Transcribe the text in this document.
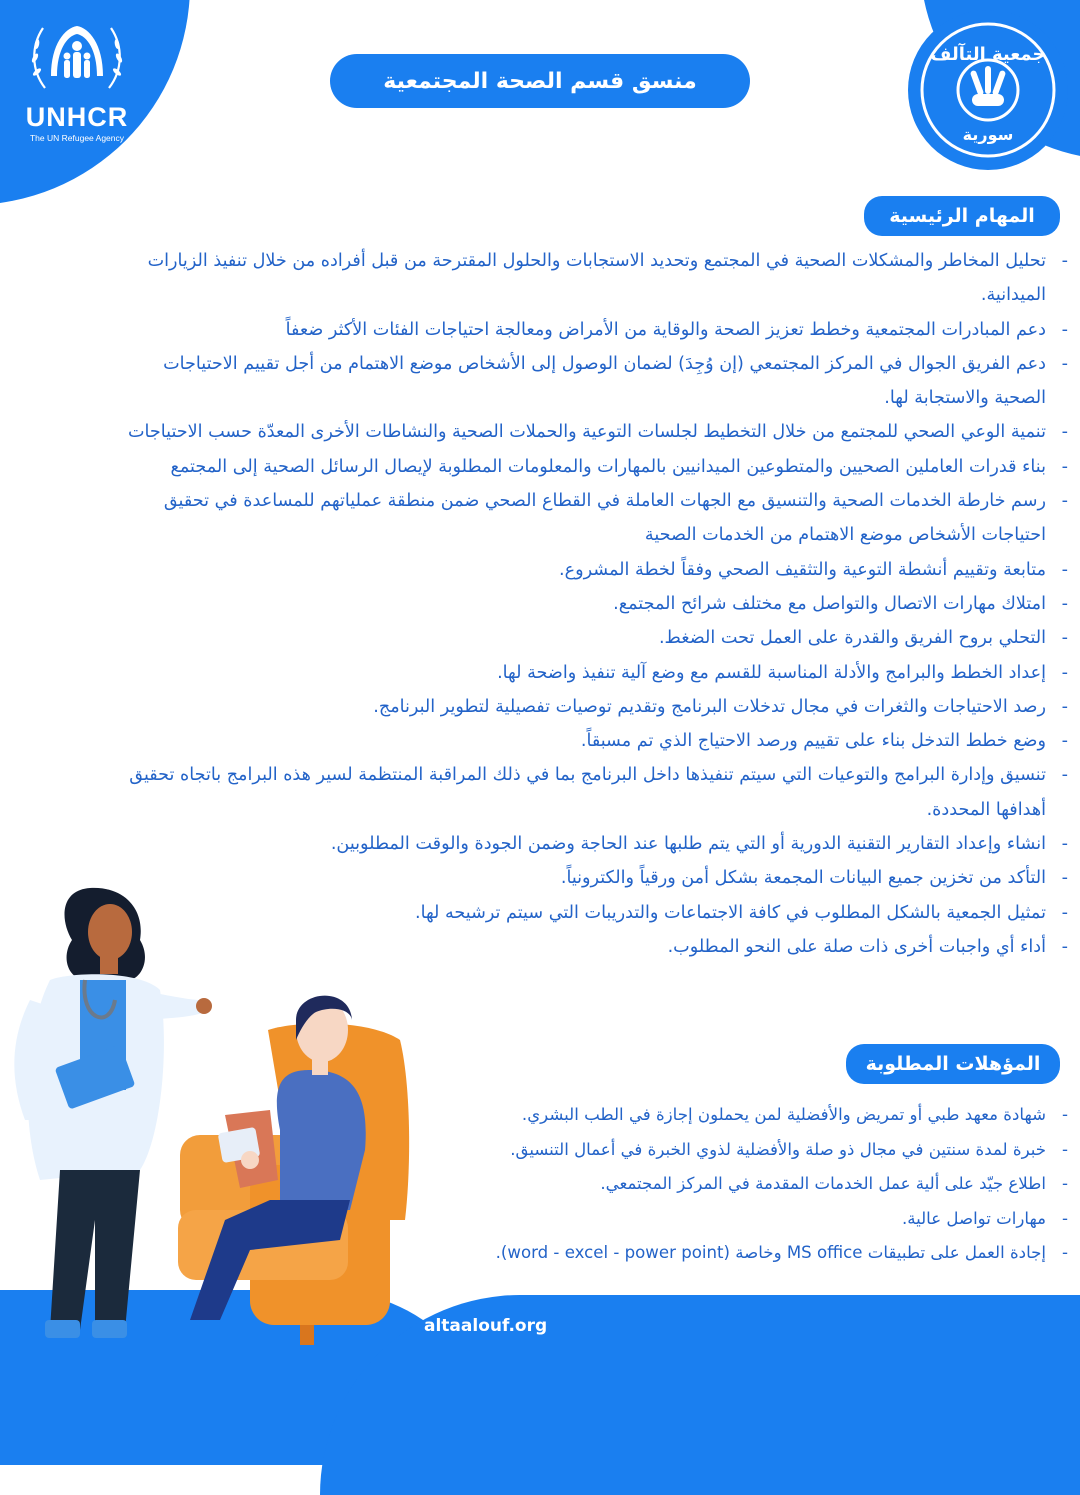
UNHCR
The UN Refugee Agency
جمعية التآلف
سورية
منسق قسم الصحة المجتمعية
المهام الرئيسية
- تحليل المخاطر والمشكلات الصحية في المجتمع وتحديد الاستجابات والحلول المقترحة من قبل أفراده من خلال تنفيذ الزيارات الميدانية.
- دعم المبادرات المجتمعية وخطط تعزيز الصحة والوقاية من الأمراض ومعالجة احتياجات الفئات الأكثر ضعفاً
- دعم الفريق الجوال في المركز المجتمعي (إن وُجِدَ) لضمان الوصول إلى الأشخاص موضع الاهتمام من أجل تقييم الاحتياجات الصحية والاستجابة لها.
- تنمية الوعي الصحي للمجتمع من خلال التخطيط لجلسات التوعية والحملات الصحية والنشاطات الأخرى المعدّة حسب الاحتياجات
- بناء قدرات العاملين الصحيين والمتطوعين الميدانيين بالمهارات والمعلومات المطلوبة لإيصال الرسائل الصحية إلى المجتمع
- رسم خارطة الخدمات الصحية والتنسيق مع الجهات العاملة في القطاع الصحي ضمن منطقة عملياتهم للمساعدة في تحقيق احتياجات الأشخاص موضع الاهتمام من الخدمات الصحية
- متابعة وتقييم أنشطة التوعية والتثقيف الصحي وفقاً لخطة المشروع.
- امتلاك مهارات الاتصال والتواصل مع مختلف شرائح المجتمع.
- التحلي بروح الفريق والقدرة على العمل تحت الضغط.
- إعداد الخطط والبرامج والأدلة المناسبة للقسم مع وضع آلية تنفيذ واضحة لها.
- رصد الاحتياجات والثغرات في مجال تدخلات البرنامج وتقديم توصيات تفصيلية لتطوير البرنامج.
- وضع خطط التدخل بناء على تقييم ورصد الاحتياج الذي تم مسبقاً.
- تنسيق وإدارة البرامج والتوعيات التي سيتم تنفيذها داخل البرنامج بما في ذلك المراقبة المنتظمة لسير هذه البرامج باتجاه تحقيق أهدافها المحددة.
- انشاء وإعداد التقارير التقنية الدورية أو التي يتم طلبها عند الحاجة وضمن الجودة والوقت المطلوبين.
- التأكد من تخزين جميع البيانات المجمعة بشكل أمن ورقياً والكترونياً.
- تمثيل الجمعية بالشكل المطلوب في كافة الاجتماعات والتدريبات التي سيتم ترشيحه لها.
- أداء أي واجبات أخرى ذات صلة على النحو المطلوب.
المؤهلات المطلوبة
- شهادة معهد طبي أو تمريض والأفضلية لمن يحملون إجازة في الطب البشري.
- خبرة لمدة سنتين في مجال ذو صلة والأفضلية لذوي الخبرة في أعمال التنسيق.
- اطلاع جيّد على ألية عمل الخدمات المقدمة في المركز المجتمعي.
- مهارات تواصل عالية.
- إجادة العمل على تطبيقات MS office وخاصة (word - excel - power point).
altaalouf.org
